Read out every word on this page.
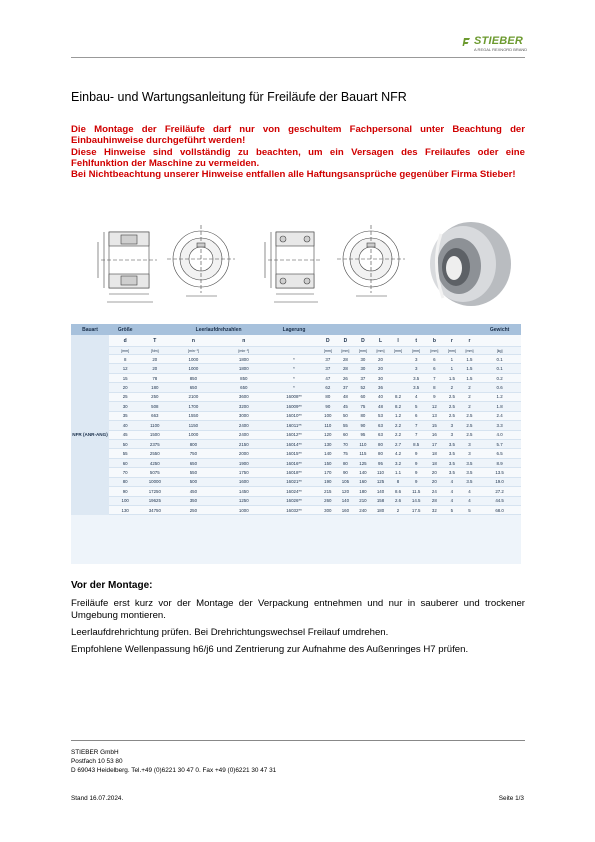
STIEBER
A REGAL REXNORD BRAND
Einbau- und Wartungsanleitung für Freiläufe der Bauart NFR

Die Montage der Freiläufe darf nur von geschultem Fachpersonal unter Beachtung der Einbauhinweise durchgeführt werden!

Diese Hinweise sind vollständig zu beachten, um ein Versagen des Freilaufes oder eine Fehlfunktion der Maschine zu vermeiden.

Bei Nichtbeachtung unserer Hinweise entfallen alle Haftungsansprüche gegenüber Firma Stieber!

Bauart	Größe		Leerlaufdrehzahlen		Lagerung										Gewicht
	d	T	n	n		D	D	D	L	l	t	b	r	r	
	[mm]	[Nm]	[min⁻¹]	[min⁻¹]		[mm]	[mm]	[mm]	[mm]	[mm]	[mm]	[mm]	[mm]	[mm]	[kg]
NFR (ANR-ANG)	8	20	1000	1800	*	37	28	30	20		3	6	1	1.5	0.1
	12	20	1000	1800	*	37	28	30	20		3	6	1	1.5	0.1
	15	78	850	850	*	47	26	37	30		3.5	7	1.5	1.5	0.2
	20	180	650	650	*	62	37	52	36		3.5	8	2	2	0.6
	25	250	2100	3600	16008**	80	48	60	40	8.2	4	9	2.5	2	1.2
	30	508	1700	3200	16009**	90	45	75	48	8.2	5	12	2.5	2	1.8
	35	663	1550	3000	16010**	100	50	80	53	1.2	6	13	2.5	2.5	2.4
	40	1100	1150	2400	16011**	110	55	90	63	2.2	7	15	3	2.5	3.3
	45	1500	1000	2400	16012**	120	60	95	63	2.2	7	16	3	2.5	4.0
	50	2375	800	2150	16014**	130	70	110	80	2.7	8.5	17	3.5	3	5.7
	55	2550	750	2000	16015**	140	75	115	80	4.2	9	18	3.5	3	6.5
	60	4250	650	1900	16016**	150	80	125	95	3.2	9	18	3.5	3.5	8.9
	70	5075	550	1750	16018**	170	90	140	110	1.1	9	20	3.5	3.5	13.5
	80	10000	500	1600	16021**	190	105	160	125	8	9	20	4	3.5	19.0
	90	17250	450	1450	16024**	215	120	180	140	8.6	11.5	24	4	4	27.2
	100	19625	350	1250	16026**	260	140	210	158	2.6	14.5	28	4	4	44.5
	130	34750	250	1000	16032**	300	160	240	180	2	17.5	32	5	5	68.0
Vor der Montage:

Freiläufe erst kurz vor der Montage der Verpackung entnehmen und nur in sauberer und trockener Umgebung montieren.

Leerlaufdrehrichtung prüfen. Bei Drehrichtungswechsel Freilauf umdrehen.

Empfohlene Wellenpassung h6/j6 und Zentrierung zur Aufnahme des Außenringes H7 prüfen.

STIEBER GmbH
Postfach 10 53 80
D 69043 Heidelberg. Tel.+49 (0)6221 30 47 0. Fax +49 (0)6221 30 47 31
Stand 16.07.2024.	Seite 1/3
